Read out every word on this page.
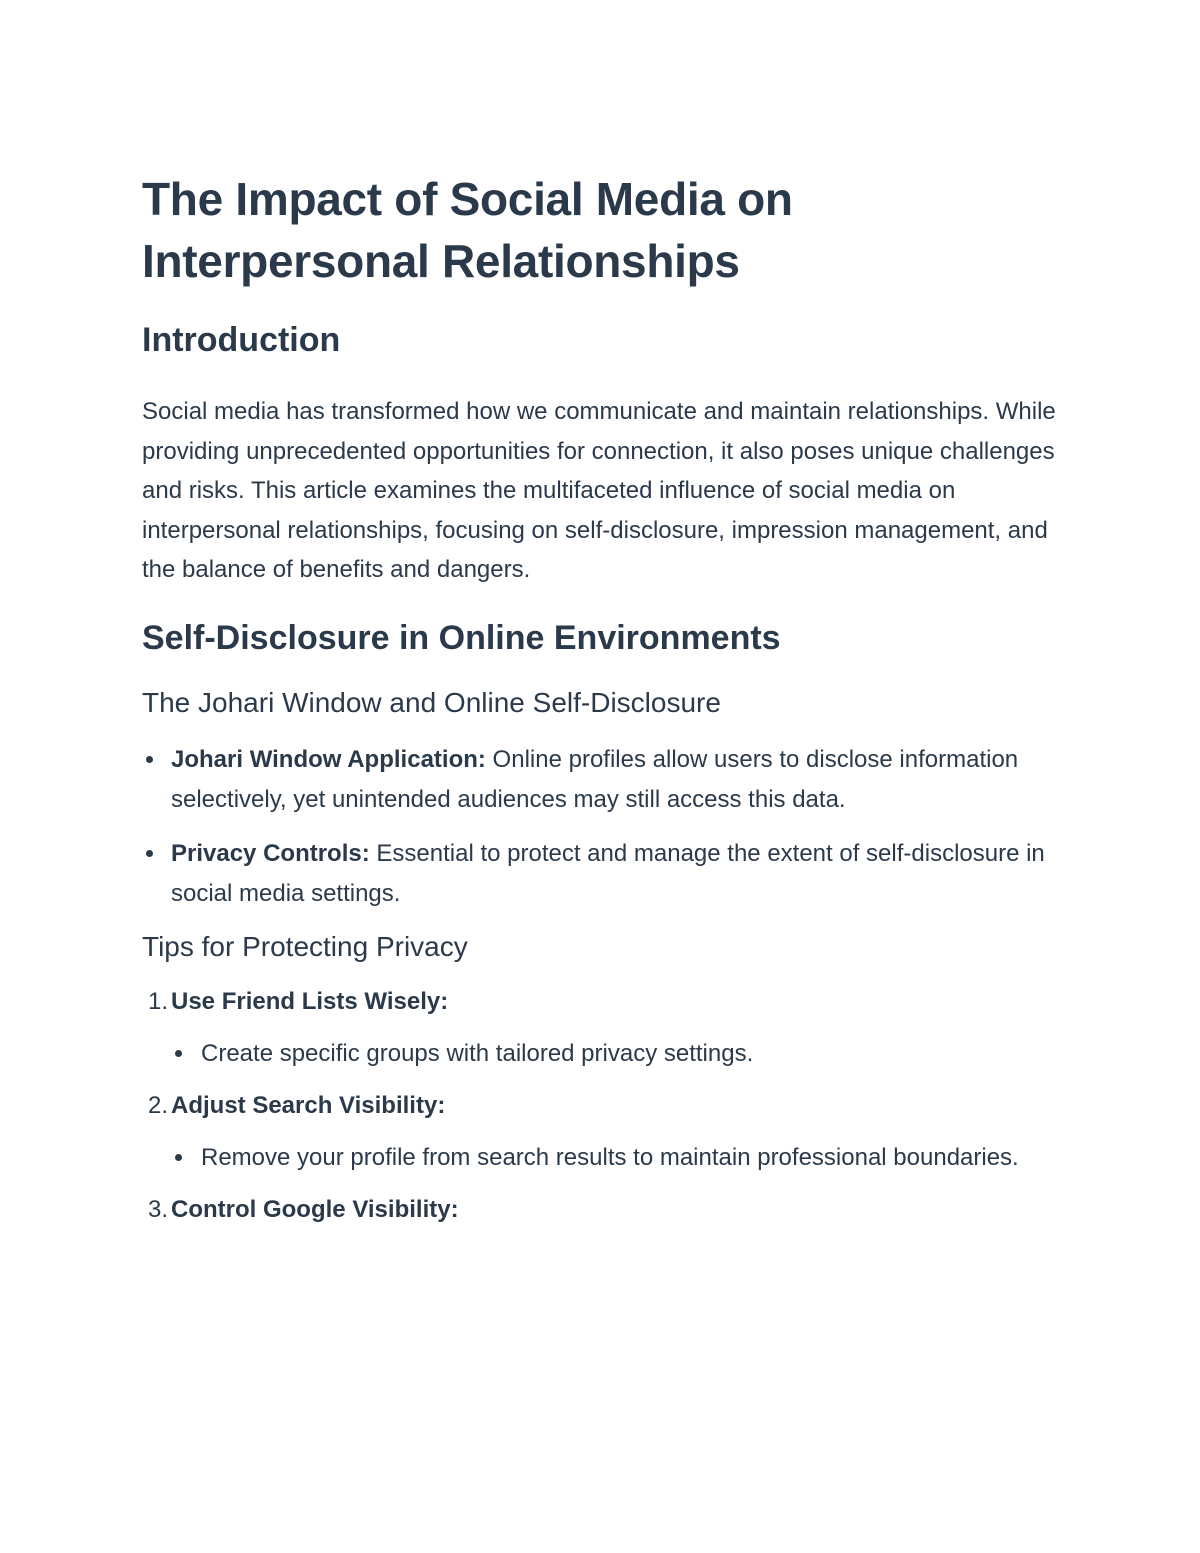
The Impact of Social Media on Interpersonal Relationships
Introduction

Social media has transformed how we communicate and maintain relationships. While providing unprecedented opportunities for connection, it also poses unique challenges and risks. This article examines the multifaceted influence of social media on interpersonal relationships, focusing on self-disclosure, impression management, and the balance of benefits and dangers.

Self-Disclosure in Online Environments
The Johari Window and Online Self-Disclosure
Johari Window Application: Online profiles allow users to disclose information selectively, yet unintended audiences may still access this data.
Privacy Controls: Essential to protect and manage the extent of self-disclosure in social media settings.
Tips for Protecting Privacy
1. Use Friend Lists Wisely:
Create specific groups with tailored privacy settings.
2. Adjust Search Visibility:
Remove your profile from search results to maintain professional boundaries.
3. Control Google Visibility:
